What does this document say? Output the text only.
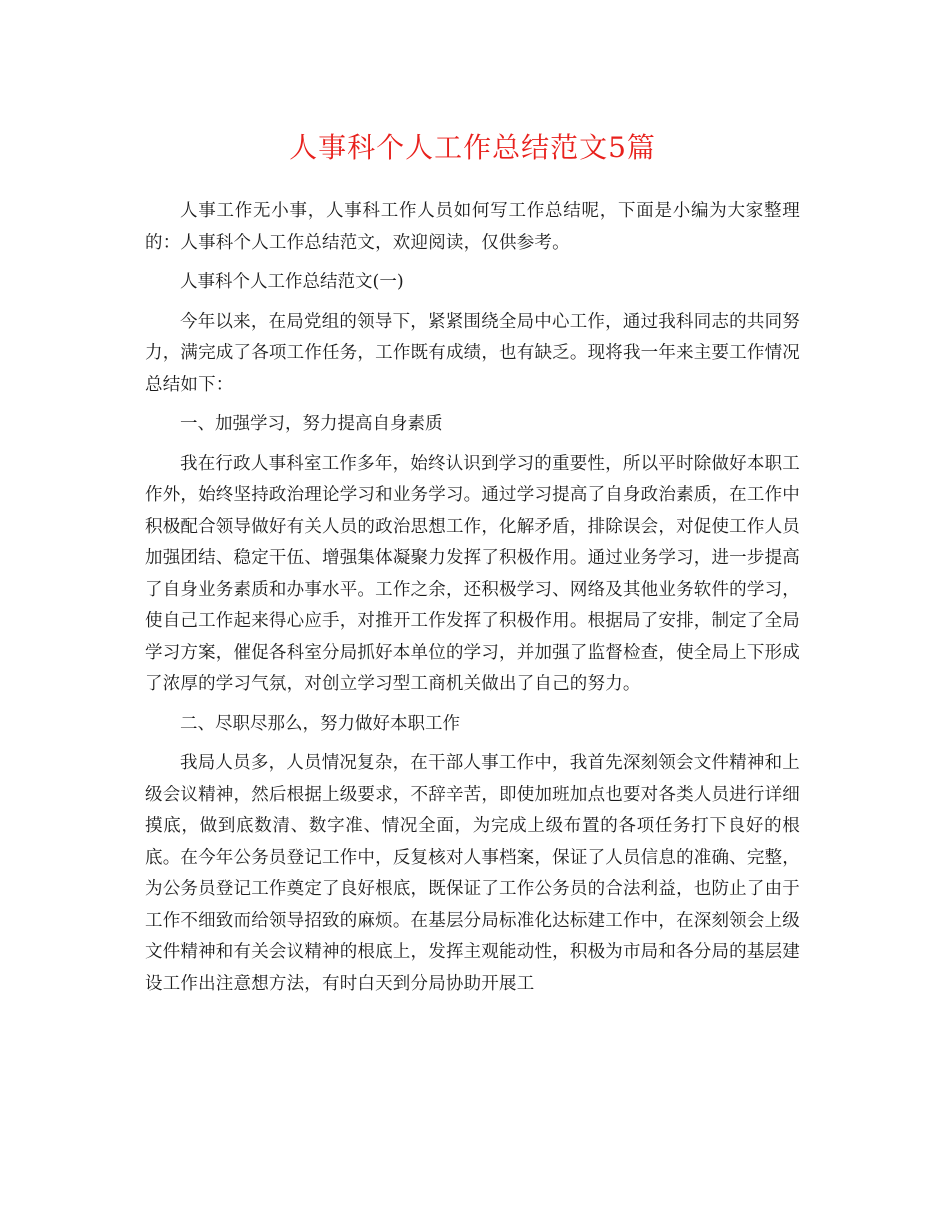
人事科个人工作总结范文5篇

人事工作无小事，人事科工作人员如何写工作总结呢，下面是小编为大家整理的：人事科个人工作总结范文，欢迎阅读，仅供参考。

人事科个人工作总结范文(一)

今年以来，在局党组的领导下，紧紧围绕全局中心工作，通过我科同志的共同努力，满完成了各项工作任务，工作既有成绩，也有缺乏。现将我一年来主要工作情况总结如下：

一、加强学习，努力提高自身素质

我在行政人事科室工作多年，始终认识到学习的重要性，所以平时除做好本职工作外，始终坚持政治理论学习和业务学习。通过学习提高了自身政治素质，在工作中积极配合领导做好有关人员的政治思想工作，化解矛盾，排除误会，对促使工作人员加强团结、稳定干伍、增强集体凝聚力发挥了积极作用。通过业务学习，进一步提高了自身业务素质和办事水平。工作之余，还积极学习、网络及其他业务软件的学习，使自己工作起来得心应手，对推开工作发挥了积极作用。根据局了安排，制定了全局学习方案，催促各科室分局抓好本单位的学习，并加强了监督检查，使全局上下形成了浓厚的学习气氛，对创立学习型工商机关做出了自己的努力。

二、尽职尽那么，努力做好本职工作

我局人员多，人员情况复杂，在干部人事工作中，我首先深刻领会文件精神和上级会议精神，然后根据上级要求，不辞辛苦，即使加班加点也要对各类人员进行详细摸底，做到底数清、数字准、情况全面，为完成上级布置的各项任务打下良好的根底。在今年公务员登记工作中，反复核对人事档案，保证了人员信息的准确、完整，为公务员登记工作奠定了良好根底，既保证了工作公务员的合法利益，也防止了由于工作不细致而给领导招致的麻烦。在基层分局标准化达标建工作中，在深刻领会上级文件精神和有关会议精神的根底上，发挥主观能动性，积极为市局和各分局的基层建设工作出注意想方法，有时白天到分局协助开展工
